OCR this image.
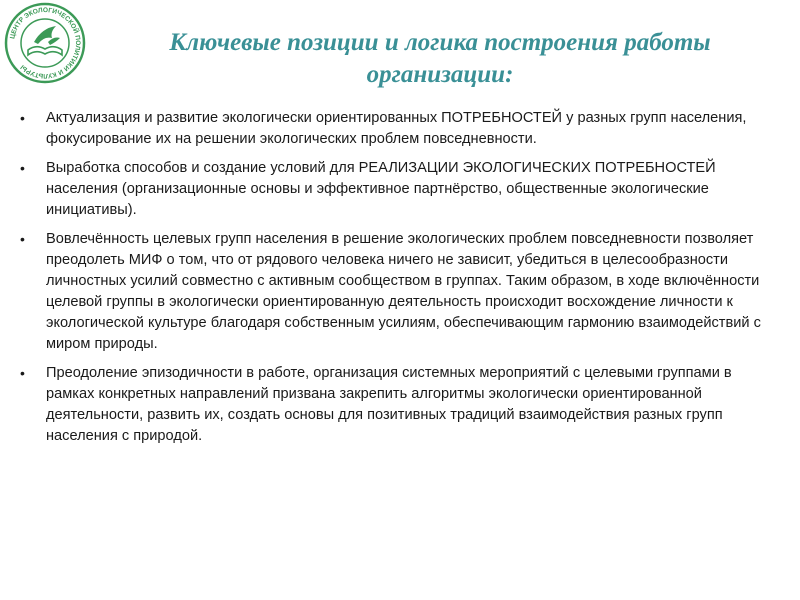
ЦЕНТР ЭКОЛОГИЧЕСКОЙ ПОЛИТИКИ И КУЛЬТУРЫ
Ключевые позиции и логика построения работы организации:
• Актуализация и развитие экологически ориентированных ПОТРЕБНОСТЕЙ у разных групп населения, фокусирование их на решении экологических проблем повседневности.
• Выработка способов и создание условий для РЕАЛИЗАЦИИ ЭКОЛОГИЧЕСКИХ ПОТРЕБНОСТЕЙ населения (организационные основы и эффективное партнёрство, общественные экологические инициативы).
• Вовлечённость целевых групп населения в решение экологических проблем повседневности позволяет преодолеть МИФ о том, что от рядового человека ничего не зависит, убедиться в целесообразности личностных усилий совместно с активным сообществом в группах. Таким образом, в ходе включённости целевой группы в экологически ориентированную деятельность происходит восхождение личности к экологической культуре благодаря собственным усилиям, обеспечивающим гармонию взаимодействий с миром природы.
• Преодоление эпизодичности в работе, организация системных мероприятий с целевыми группами в рамках конкретных направлений призвана закрепить алгоритмы экологически ориентированной деятельности, развить их, создать основы для позитивных традиций взаимодействия разных групп населения с природой.
